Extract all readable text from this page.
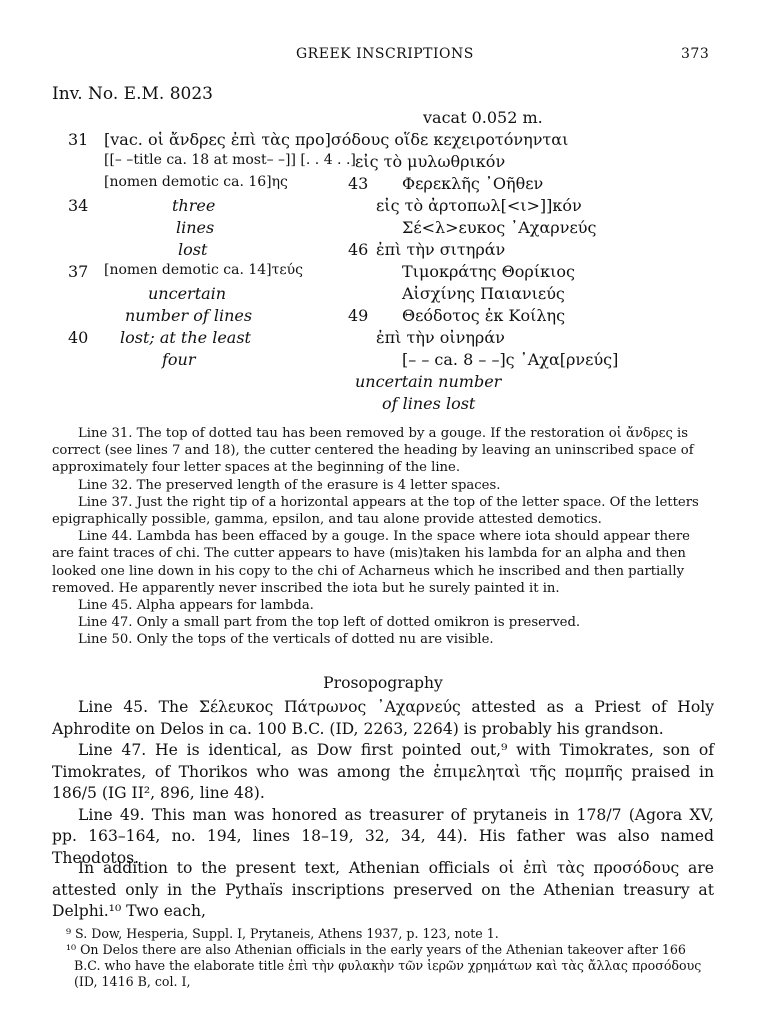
GREEK INSCRIPTIONS	373
Inv. No. E.M. 8023
vacat 0.052 m.
31 [vac. οἱ ἄνδρες ἐπὶ τὰς προ]σόδους οἵδε κεχειροτόνηνται
[[– –title ca. 18 at most– –]] [. . 4 . .] εἰς τὸ μυλωθρικόν
[nomen demotic ca. 16]ης	43 Φερεκλῆς ᾿Οῆθεν
34	three	εἰς τὸ ἀρτοπωλ[<ι>]]κόν
lines	Σέ<λ>ευκος ᾿Αχαρνεύς
lost	46 ἐπὶ τὴν σιτηράν
37 [nomen demotic ca. 14]τεύς	Τιμοκράτης Θορίκιος
uncertain	Αἰσχίνης Παιανιεύς
number of lines	49 Θεόδοτος ἐκ Κοίλης
40 lost; at the least	ἐπὶ τὴν οἰνηράν
four	[– – ca. 8 – –]ς ᾿Αχα[ρνεύς]
uncertain number
of lines lost

Line 31. The top of dotted tau has been removed by a gouge. If the restoration οἱ ἄνδρες is correct (see lines 7 and 18), the cutter centered the heading by leaving an uninscribed space of approximately four letter spaces at the beginning of the line.

Line 32. The preserved length of the erasure is 4 letter spaces.

Line 37. Just the right tip of a horizontal appears at the top of the letter space. Of the letters epigraphically possible, gamma, epsilon, and tau alone provide attested demotics.

Line 44. Lambda has been effaced by a gouge. In the space where iota should appear there are faint traces of chi. The cutter appears to have (mis)taken his lambda for an alpha and then looked one line down in his copy to the chi of Acharneus which he inscribed and then partially removed. He apparently never inscribed the iota but he surely painted it in.

Line 45. Alpha appears for lambda.

Line 47. Only a small part from the top left of dotted omikron is preserved.

Line 50. Only the tops of the verticals of dotted nu are visible.

Prosopography

Line 45. The Σέλευκος Πάτρωνος ᾿Αχαρνεύς attested as a Priest of Holy Aphrodite on Delos in ca. 100 B.C. (ID, 2263, 2264) is probably his grandson.

Line 47. He is identical, as Dow first pointed out,⁹ with Timokrates, son of Timokrates, of Thorikos who was among the ἐπιμεληταὶ τῆς πομπῆς praised in 186/5 (IG II², 896, line 48).

Line 49. This man was honored as treasurer of prytaneis in 178/7 (Agora XV, pp. 163–164, no. 194, lines 18–19, 32, 34, 44). His father was also named Theodotos.

In addition to the present text, Athenian officials οἱ ἐπὶ τὰς προσόδους are attested only in the Pythaïs inscriptions preserved on the Athenian treasury at Delphi.¹⁰ Two each,

⁹ S. Dow, Hesperia, Suppl. I, Prytaneis, Athens 1937, p. 123, note 1.

¹⁰ On Delos there are also Athenian officials in the early years of the Athenian takeover after 166 B.C. who have the elaborate title ἐπὶ τὴν φυλακὴν τῶν ἱερῶν χρημάτων καὶ τὰς ἄλλας προσόδους (ID, 1416 B, col. I,
